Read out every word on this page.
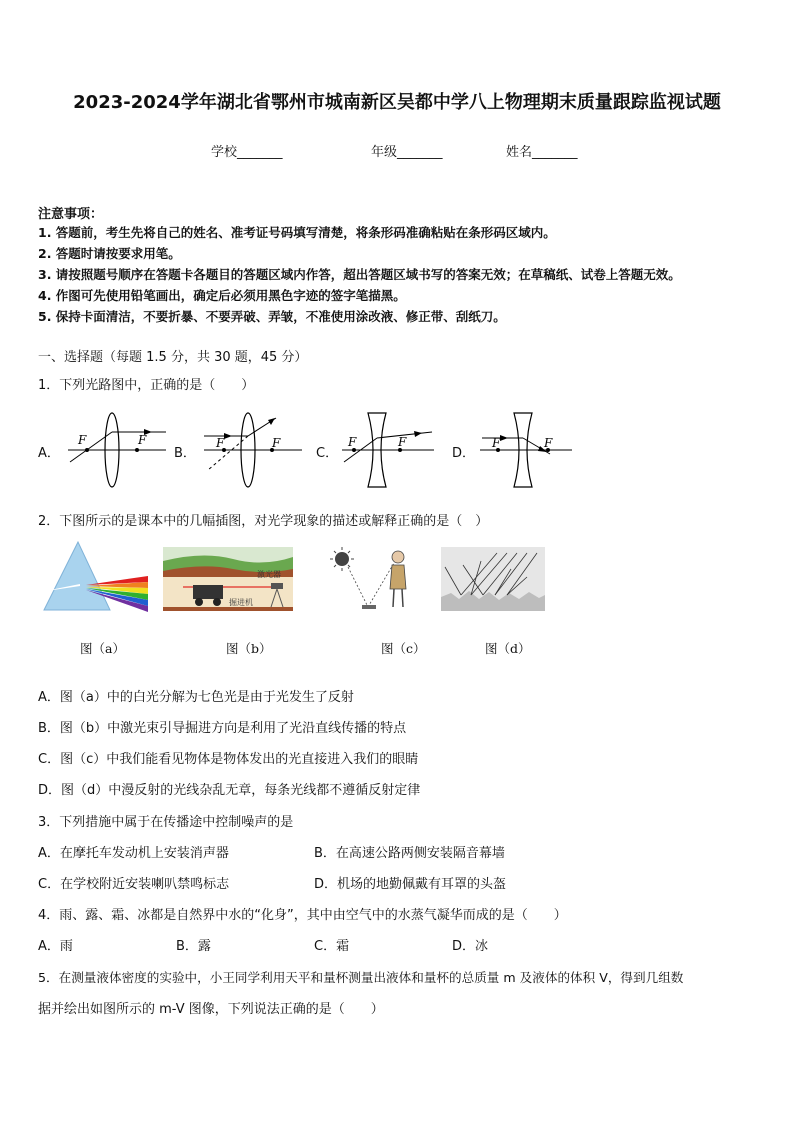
2023-2024学年湖北省鄂州市城南新区吴都中学八上物理期末质量跟踪监视试题
学校_______	年级_______	姓名_______
注意事项：
1. 答题前，考生先将自己的姓名、准考证号码填写清楚，将条形码准确粘贴在条形码区域内。
2. 答题时请按要求用笔。
3. 请按照题号顺序在答题卡各题目的答题区域内作答，超出答题区域书写的答案无效；在草稿纸、试卷上答题无效。
4. 作图可先使用铅笔画出，确定后必须用黑色字迹的签字笔描黑。
5. 保持卡面清洁，不要折暴、不要弄破、弄皱，不准使用涂改液、修正带、刮纸刀。
一、选择题（每题 1.5 分，共 30 题，45 分）
1．下列光路图中，正确的是（　　）
A．
F	F
B．
F	F
C．
F	F
D．
F	F
2．下图所示的是课本中的几幅插图，对光学现象的描述或解释正确的是（　）
图（a）
激光器
掘进机
图（b）	图（c）	图（d）
A．图（a）中的白光分解为七色光是由于光发生了反射
B．图（b）中激光束引导掘进方向是利用了光沿直线传播的特点
C．图（c）中我们能看见物体是物体发出的光直接进入我们的眼睛
D．图（d）中漫反射的光线杂乱无章，每条光线都不遵循反射定律
3．下列措施中属于在传播途中控制噪声的是
A．在摩托车发动机上安装消声器	B．在高速公路两侧安装隔音幕墙
C．在学校附近安装喇叭禁鸣标志	D．机场的地勤佩戴有耳罩的头盔
4．雨、露、霜、冰都是自然界中水的“化身”，其中由空气中的水蒸气凝华而成的是（　　）
A．雨	B．露	C．霜	D．冰
5．在测量液体密度的实验中，小王同学利用天平和量杯测量出液体和量杯的总质量 m 及液体的体积 V，得到几组数
据并绘出如图所示的 m-V 图像，下列说法正确的是（　　）
